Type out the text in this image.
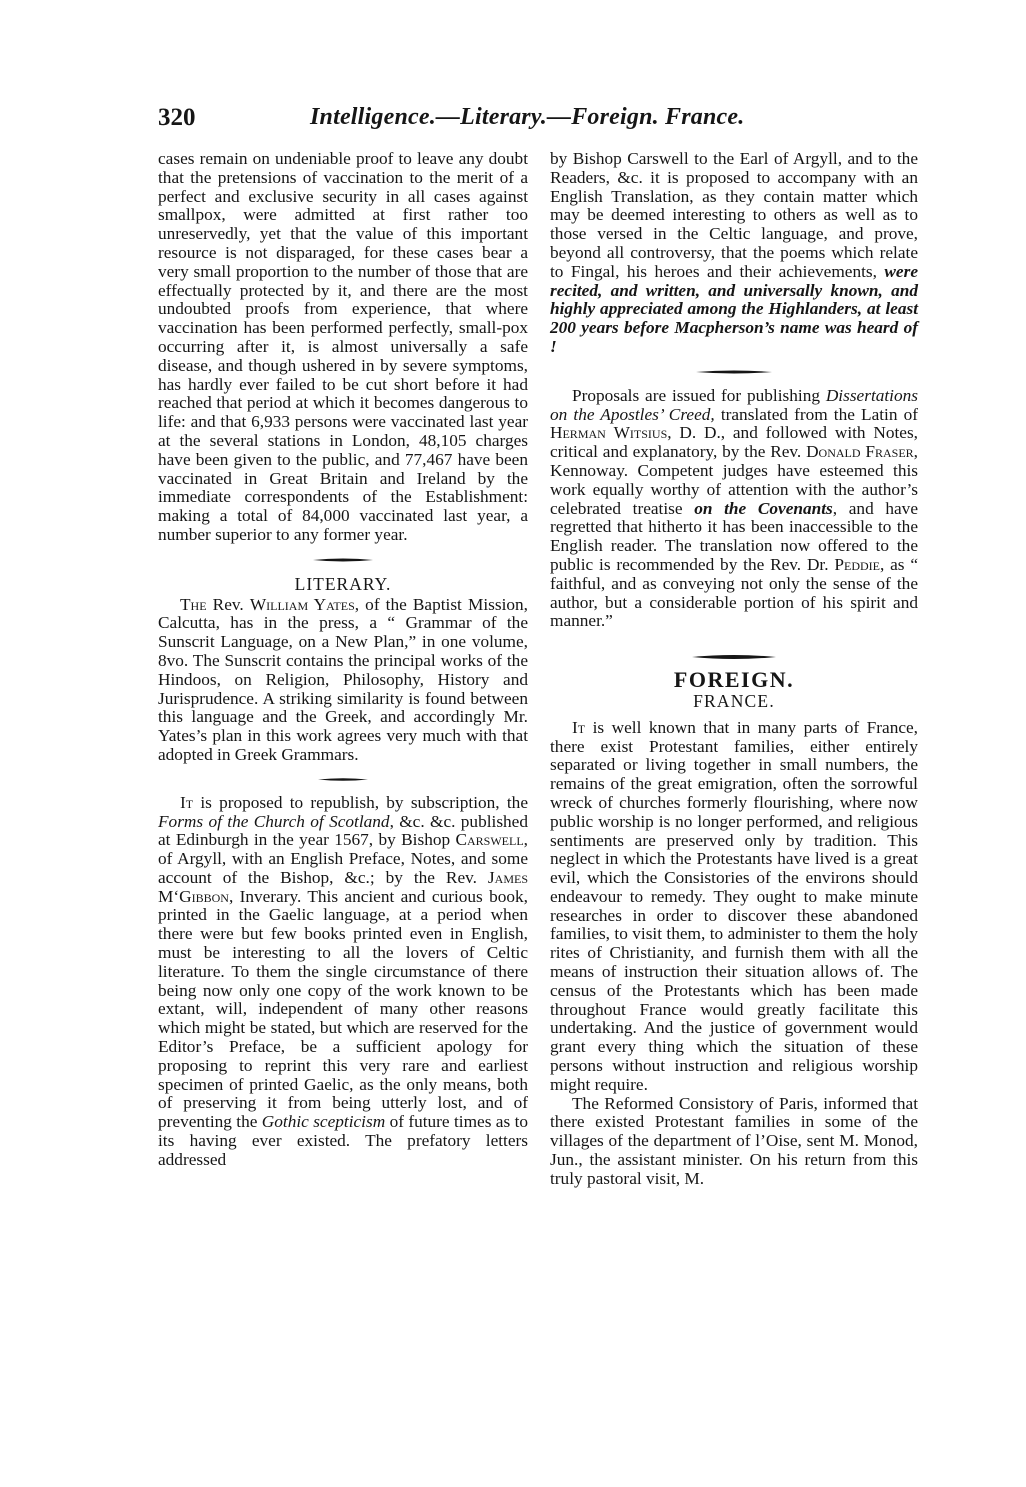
320	Intelligence.—Literary.—Foreign. France.

cases remain on undeniable proof to leave any doubt that the pretensions of vaccination to the merit of a perfect and exclusive security in all cases against smallpox, were admitted at first rather too unreservedly, yet that the value of this important resource is not disparaged, for these cases bear a very small proportion to the number of those that are effectually protected by it, and there are the most undoubted proofs from experience, that where vaccination has been performed perfectly, small-pox occurring after it, is almost universally a safe disease, and though ushered in by severe symptoms, has hardly ever failed to be cut short before it had reached that period at which it becomes dangerous to life: and that 6,933 persons were vaccinated last year at the several stations in London, 48,105 charges have been given to the public, and 77,467 have been vaccinated in Great Britain and Ireland by the immediate correspondents of the Establishment: making a total of 84,000 vaccinated last year, a number superior to any former year.

LITERARY.

The Rev. William Yates, of the Baptist Mission, Calcutta, has in the press, a “ Grammar of the Sunscrit Language, on a New Plan,” in one volume, 8vo. The Sunscrit contains the principal works of the Hindoos, on Religion, Philosophy, History and Jurisprudence. A striking similarity is found between this language and the Greek, and accordingly Mr. Yates’s plan in this work agrees very much with that adopted in Greek Grammars.

It is proposed to republish, by subscription, the Forms of the Church of Scotland, &c. &c. published at Edinburgh in the year 1567, by Bishop Carswell, of Argyll, with an English Preface, Notes, and some account of the Bishop, &c.; by the Rev. James M‘Gibbon, Inverary. This ancient and curious book, printed in the Gaelic language, at a period when there were but few books printed even in English, must be interesting to all the lovers of Celtic literature. To them the single circumstance of there being now only one copy of the work known to be extant, will, independent of many other reasons which might be stated, but which are reserved for the Editor’s Preface, be a sufficient apology for proposing to reprint this very rare and earliest specimen of printed Gaelic, as the only means, both of preserving it from being utterly lost, and of preventing the Gothic scepticism of future times as to its having ever existed. The prefatory letters addressed

by Bishop Carswell to the Earl of Argyll, and to the Readers, &c. it is proposed to accompany with an English Translation, as they contain matter which may be deemed interesting to others as well as to those versed in the Celtic language, and prove, beyond all controversy, that the poems which relate to Fingal, his heroes and their achievements, were recited, and written, and universally known, and highly appreciated among the Highlanders, at least 200 years before Macpherson’s name was heard of !

Proposals are issued for publishing Dissertations on the Apostles’ Creed, translated from the Latin of Herman Witsius, D. D., and followed with Notes, critical and explanatory, by the Rev. Donald Fraser, Kennoway. Competent judges have esteemed this work equally worthy of attention with the author’s celebrated treatise on the Covenants, and have regretted that hitherto it has been inaccessible to the English reader. The translation now offered to the public is recommended by the Rev. Dr. Peddie, as “ faithful, and as conveying not only the sense of the author, but a considerable portion of his spirit and manner.”

FOREIGN.
FRANCE.

It is well known that in many parts of France, there exist Protestant families, either entirely separated or living together in small numbers, the remains of the great emigration, often the sorrowful wreck of churches formerly flourishing, where now public worship is no longer performed, and religious sentiments are preserved only by tradition. This neglect in which the Protestants have lived is a great evil, which the Consistories of the environs should endeavour to remedy. They ought to make minute researches in order to discover these abandoned families, to visit them, to administer to them the holy rites of Christianity, and furnish them with all the means of instruction their situation allows of. The census of the Protestants which has been made throughout France would greatly facilitate this undertaking. And the justice of government would grant every thing which the situation of these persons without instruction and religious worship might require.

The Reformed Consistory of Paris, informed that there existed Protestant families in some of the villages of the department of l’Oise, sent M. Monod, Jun., the assistant minister. On his return from this truly pastoral visit, M.
